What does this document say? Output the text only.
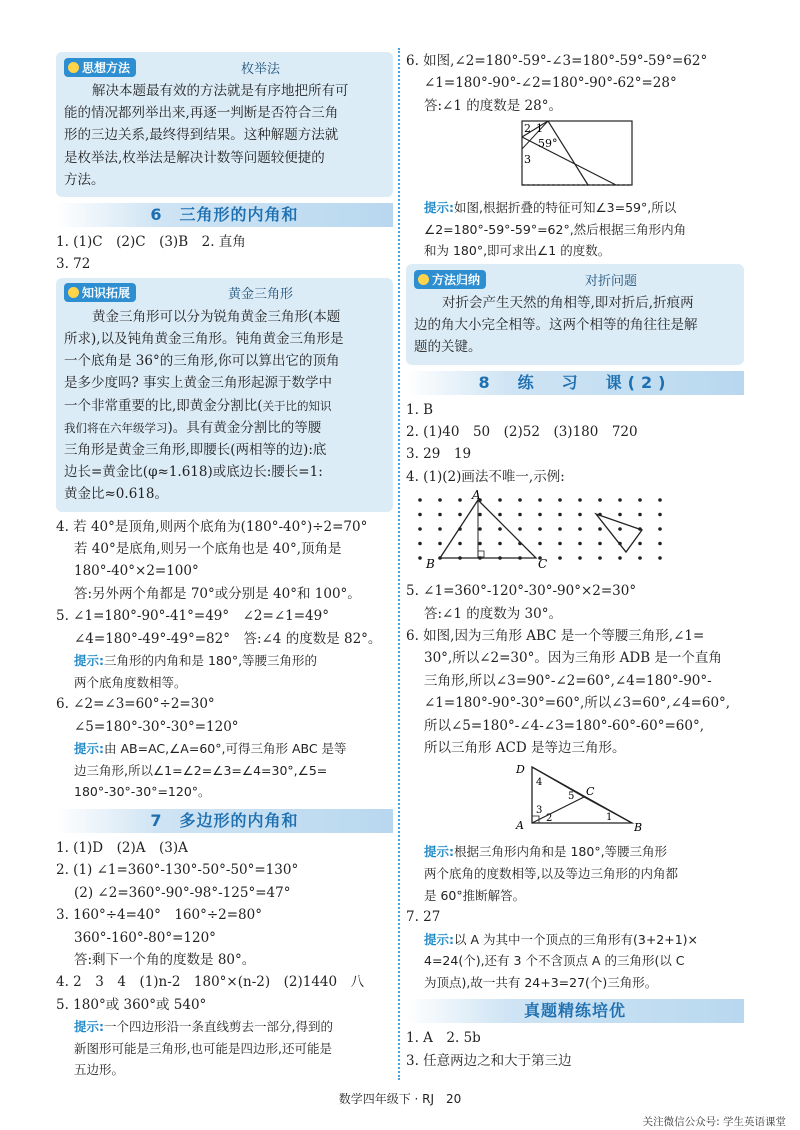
思想方法	枚举法
解决本题最有效的方法就是有序地把所有可
能的情况都列举出来,再逐一判断是否符合三角
形的三边关系,最终得到结果。这种解题方法就
是枚举法,枚举法是解决计数等问题较便捷的
方法。
6　三角形的内角和
1. (1)C　(2)C　(3)B　2. 直角
3. 72
知识拓展	黄金三角形
黄金三角形可以分为锐角黄金三角形(本题
所求),以及钝角黄金三角形。钝角黄金三角形是
一个底角是 36°的三角形,你可以算出它的顶角
是多少度吗? 事实上黄金三角形起源于数学中
一个非常重要的比,即黄金分割比(关于比的知识
我们将在六年级学习)。具有黄金分割比的等腰
三角形是黄金三角形,即腰长(两相等的边):底
边长=黄金比(φ≈1.618)或底边长:腰长=1:
黄金比≈0.618。
4. 若 40°是顶角,则两个底角为(180°-40°)÷2=70°
若 40°是底角,则另一个底角也是 40°,顶角是
180°-40°×2=100°
答:另外两个角都是 70°或分别是 40°和 100°。
5. ∠1=180°-90°-41°=49°　∠2=∠1=49°
∠4=180°-49°-49°=82°　答:∠4 的度数是 82°。
提示:三角形的内角和是 180°,等腰三角形的
两个底角度数相等。
6. ∠2=∠3=60°÷2=30°
∠5=180°-30°-30°=120°
提示:由 AB=AC,∠A=60°,可得三角形 ABC 是等
边三角形,所以∠1=∠2=∠3=∠4=30°,∠5=
180°-30°-30°=120°。
7　多边形的内角和
1. (1)D　(2)A　(3)A
2. (1) ∠1=360°-130°-50°-50°=130°
(2) ∠2=360°-90°-98°-125°=47°
3. 160°÷4=40°　160°÷2=80°
360°-160°-80°=120°
答:剩下一个角的度数是 80°。
4. 2　3　4　(1)n-2　180°×(n-2)　(2)1440　八
5. 180°或 360°或 540°
提示:一个四边形沿一条直线剪去一部分,得到的
新图形可能是三角形,也可能是四边形,还可能是
五边形。
6. 如图,∠2=180°-59°-∠3=180°-59°-59°=62°
∠1=180°-90°-∠2=180°-90°-62°=28°
答:∠1 的度数是 28°。
2 1
59°
3
提示:如图,根据折叠的特征可知∠3=59°,所以
∠2=180°-59°-59°=62°,然后根据三角形内角
和为 180°,即可求出∠1 的度数。
方法归纳	对折问题
对折会产生天然的角相等,即对折后,折痕两
边的角大小完全相等。这两个相等的角往往是解
题的关键。
8　练　习　课(2)
1. B
2. (1)40　50　(2)52　(3)180　720
3. 29　19
4. (1)(2)画法不唯一,示例:
A
B	C
5. ∠1=360°-120°-30°-90°×2=30°
答:∠1 的度数为 30°。
6. 如图,因为三角形 ABC 是一个等腰三角形,∠1=
30°,所以∠2=30°。因为三角形 ADB 是一个直角
三角形,所以∠3=90°-∠2=60°,∠4=180°-90°-
∠1=180°-90°-30°=60°,所以∠3=60°,∠4=60°,
所以∠5=180°-∠4-∠3=180°-60°-60°=60°,
所以三角形 ACD 是等边三角形。
D
4
5 C
3
2	1
A	B
提示:根据三角形内角和是 180°,等腰三角形
两个底角的度数相等,以及等边三角形的内角都
是 60°推断解答。
7. 27
提示:以 A 为其中一个顶点的三角形有(3+2+1)×
4=24(个),还有 3 个不含顶点 A 的三角形(以 C
为顶点),故一共有 24+3=27(个)三角形。
真题精练培优
1. A　2. 5b
3. 任意两边之和大于第三边
数学四年级下 · RJ　20
关注微信公众号: 学生英语课堂
